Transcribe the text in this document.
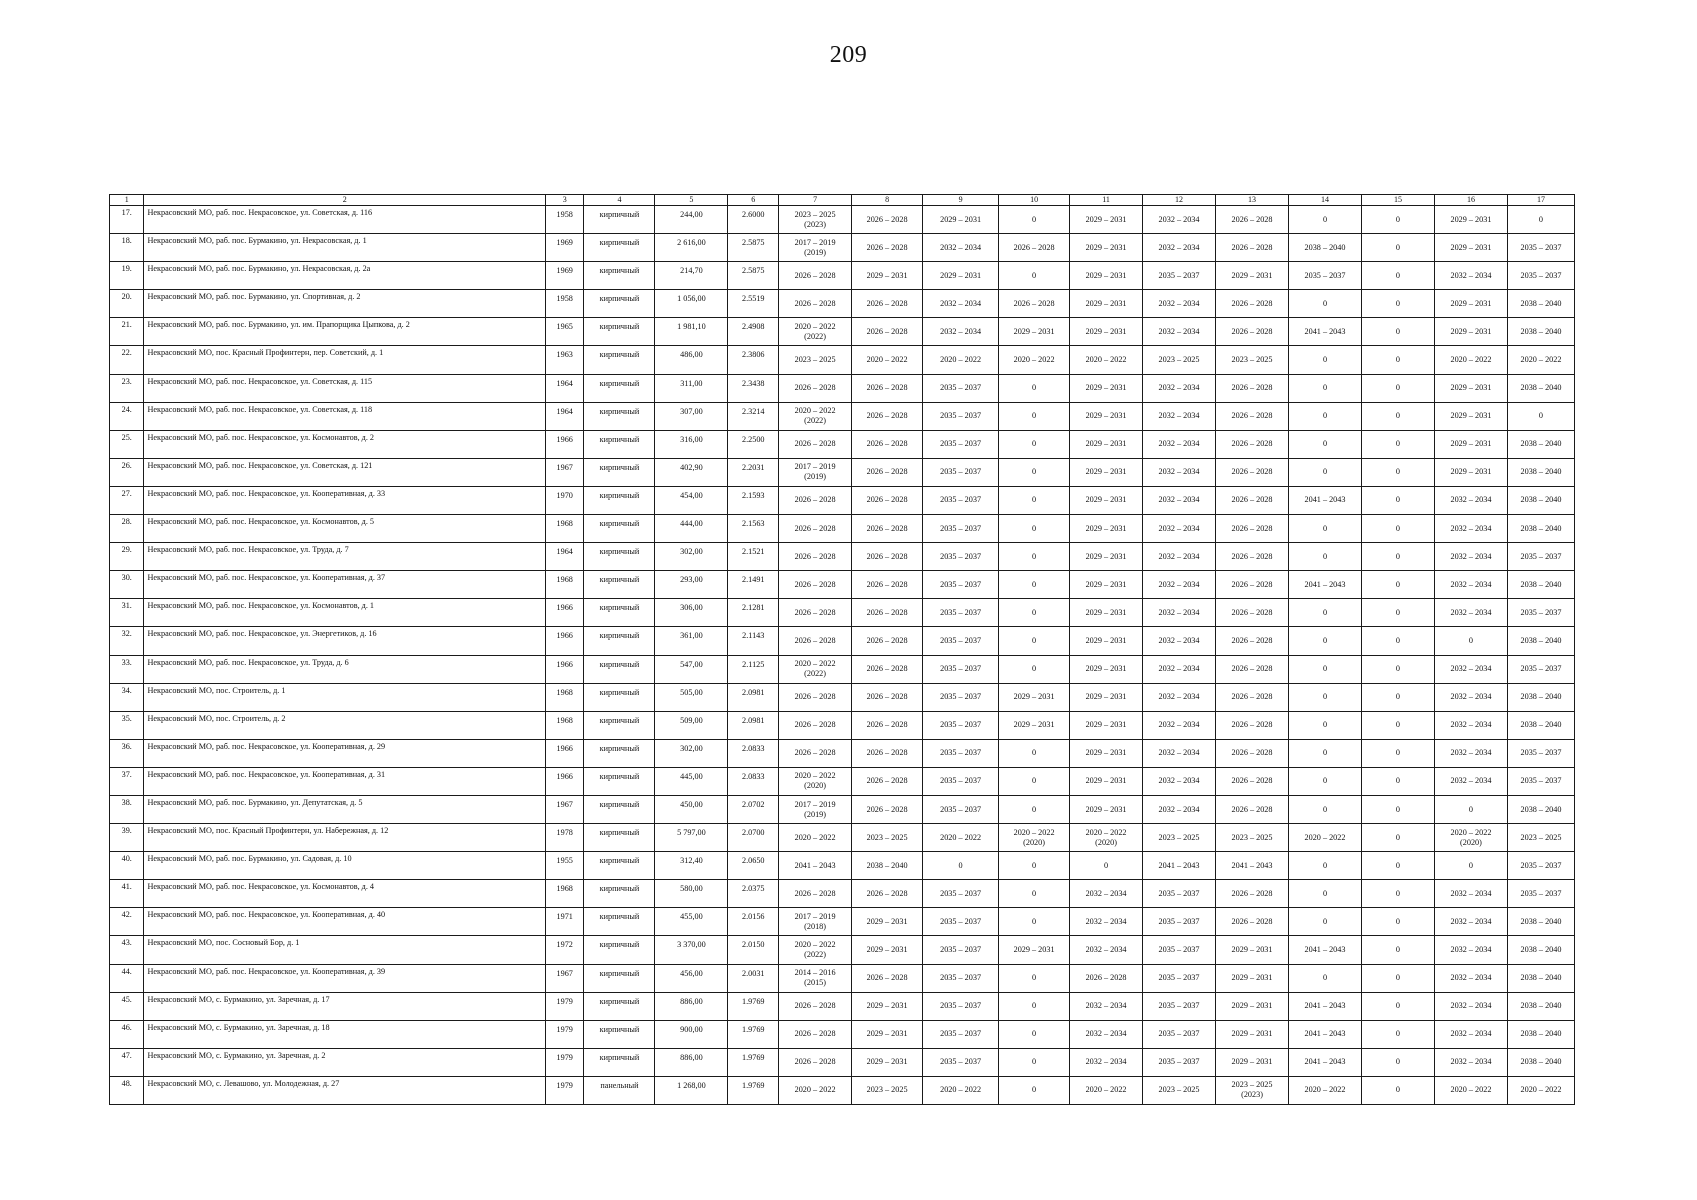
209
1	2	3	4	5	6	7	8	9	10	11	12	13	14	15	16	17

17.	Некрасовский МО, раб. пос. Некрасовское, ул. Советская, д. 116	1958	кирпичный	244,00	2.6000	2023 – 2025
(2023)	2026 – 2028	2029 – 2031	0	2029 – 2031	2032 – 2034	2026 – 2028	0	0	2029 – 2031	0

18.	Некрасовский МО, раб. пос. Бурмакино, ул. Некрасовская, д. 1	1969	кирпичный	2 616,00	2.5875	2017 – 2019
(2019)	2026 – 2028	2032 – 2034	2026 – 2028	2029 – 2031	2032 – 2034	2026 – 2028	2038 – 2040	0	2029 – 2031	2035 – 2037

19.	Некрасовский МО, раб. пос. Бурмакино, ул. Некрасовская, д. 2а	1969	кирпичный	214,70	2.5875	2026 – 2028	2029 – 2031	2029 – 2031	0	2029 – 2031	2035 – 2037	2029 – 2031	2035 – 2037	0	2032 – 2034	2035 – 2037

20.	Некрасовский МО, раб. пос. Бурмакино, ул. Спортивная, д. 2	1958	кирпичный	1 056,00	2.5519	2026 – 2028	2026 – 2028	2032 – 2034	2026 – 2028	2029 – 2031	2032 – 2034	2026 – 2028	0	0	2029 – 2031	2038 – 2040

21.	Некрасовский МО, раб. пос. Бурмакино, ул. им. Прапорщика Цыпкова, д. 2	1965	кирпичный	1 981,10	2.4908	2020 – 2022
(2022)	2026 – 2028	2032 – 2034	2029 – 2031	2029 – 2031	2032 – 2034	2026 – 2028	2041 – 2043	0	2029 – 2031	2038 – 2040

22.	Некрасовский МО, пос. Красный Профинтерн, пер. Советский, д. 1	1963	кирпичный	486,00	2.3806	2023 – 2025	2020 – 2022	2020 – 2022	2020 – 2022	2020 – 2022	2023 – 2025	2023 – 2025	0	0	2020 – 2022	2020 – 2022

23.	Некрасовский МО, раб. пос. Некрасовское, ул. Советская, д. 115	1964	кирпичный	311,00	2.3438	2026 – 2028	2026 – 2028	2035 – 2037	0	2029 – 2031	2032 – 2034	2026 – 2028	0	0	2029 – 2031	2038 – 2040

24.	Некрасовский МО, раб. пос. Некрасовское, ул. Советская, д. 118	1964	кирпичный	307,00	2.3214	2020 – 2022
(2022)	2026 – 2028	2035 – 2037	0	2029 – 2031	2032 – 2034	2026 – 2028	0	0	2029 – 2031	0

25.	Некрасовский МО, раб. пос. Некрасовское, ул. Космонавтов, д. 2	1966	кирпичный	316,00	2.2500	2026 – 2028	2026 – 2028	2035 – 2037	0	2029 – 2031	2032 – 2034	2026 – 2028	0	0	2029 – 2031	2038 – 2040

26.	Некрасовский МО, раб. пос. Некрасовское, ул. Советская, д. 121	1967	кирпичный	402,90	2.2031	2017 – 2019
(2019)	2026 – 2028	2035 – 2037	0	2029 – 2031	2032 – 2034	2026 – 2028	0	0	2029 – 2031	2038 – 2040

27.	Некрасовский МО, раб. пос. Некрасовское, ул. Кооперативная, д. 33	1970	кирпичный	454,00	2.1593	2026 – 2028	2026 – 2028	2035 – 2037	0	2029 – 2031	2032 – 2034	2026 – 2028	2041 – 2043	0	2032 – 2034	2038 – 2040

28.	Некрасовский МО, раб. пос. Некрасовское, ул. Космонавтов, д. 5	1968	кирпичный	444,00	2.1563	2026 – 2028	2026 – 2028	2035 – 2037	0	2029 – 2031	2032 – 2034	2026 – 2028	0	0	2032 – 2034	2038 – 2040

29.	Некрасовский МО, раб. пос. Некрасовское, ул. Труда, д. 7	1964	кирпичный	302,00	2.1521	2026 – 2028	2026 – 2028	2035 – 2037	0	2029 – 2031	2032 – 2034	2026 – 2028	0	0	2032 – 2034	2035 – 2037

30.	Некрасовский МО, раб. пос. Некрасовское, ул. Кооперативная, д. 37	1968	кирпичный	293,00	2.1491	2026 – 2028	2026 – 2028	2035 – 2037	0	2029 – 2031	2032 – 2034	2026 – 2028	2041 – 2043	0	2032 – 2034	2038 – 2040

31.	Некрасовский МО, раб. пос. Некрасовское, ул. Космонавтов, д. 1	1966	кирпичный	306,00	2.1281	2026 – 2028	2026 – 2028	2035 – 2037	0	2029 – 2031	2032 – 2034	2026 – 2028	0	0	2032 – 2034	2035 – 2037

32.	Некрасовский МО, раб. пос. Некрасовское, ул. Энергетиков, д. 16	1966	кирпичный	361,00	2.1143	2026 – 2028	2026 – 2028	2035 – 2037	0	2029 – 2031	2032 – 2034	2026 – 2028	0	0	0	2038 – 2040

33.	Некрасовский МО, раб. пос. Некрасовское, ул. Труда, д. 6	1966	кирпичный	547,00	2.1125	2020 – 2022
(2022)	2026 – 2028	2035 – 2037	0	2029 – 2031	2032 – 2034	2026 – 2028	0	0	2032 – 2034	2035 – 2037

34.	Некрасовский МО, пос. Строитель, д. 1	1968	кирпичный	505,00	2.0981	2026 – 2028	2026 – 2028	2035 – 2037	2029 – 2031	2029 – 2031	2032 – 2034	2026 – 2028	0	0	2032 – 2034	2038 – 2040

35.	Некрасовский МО, пос. Строитель, д. 2	1968	кирпичный	509,00	2.0981	2026 – 2028	2026 – 2028	2035 – 2037	2029 – 2031	2029 – 2031	2032 – 2034	2026 – 2028	0	0	2032 – 2034	2038 – 2040

36.	Некрасовский МО, раб. пос. Некрасовское, ул. Кооперативная, д. 29	1966	кирпичный	302,00	2.0833	2026 – 2028	2026 – 2028	2035 – 2037	0	2029 – 2031	2032 – 2034	2026 – 2028	0	0	2032 – 2034	2035 – 2037

37.	Некрасовский МО, раб. пос. Некрасовское, ул. Кооперативная, д. 31	1966	кирпичный	445,00	2.0833	2020 – 2022
(2020)	2026 – 2028	2035 – 2037	0	2029 – 2031	2032 – 2034	2026 – 2028	0	0	2032 – 2034	2035 – 2037

38.	Некрасовский МО, раб. пос. Бурмакино, ул. Депутатская, д. 5	1967	кирпичный	450,00	2.0702	2017 – 2019
(2019)	2026 – 2028	2035 – 2037	0	2029 – 2031	2032 – 2034	2026 – 2028	0	0	0	2038 – 2040

39.	Некрасовский МО, пос. Красный Профинтерн, ул. Набережная, д. 12	1978	кирпичный	5 797,00	2.0700	2020 – 2022	2023 – 2025	2020 – 2022	2020 – 2022
(2020)	2020 – 2022
(2020)	2023 – 2025	2023 – 2025	2020 – 2022	0	2020 – 2022
(2020)	2023 – 2025

40.	Некрасовский МО, раб. пос. Бурмакино, ул. Садовая, д. 10	1955	кирпичный	312,40	2.0650	2041 – 2043	2038 – 2040	0	0	0	2041 – 2043	2041 – 2043	0	0	0	2035 – 2037

41.	Некрасовский МО, раб. пос. Некрасовское, ул. Космонавтов, д. 4	1968	кирпичный	580,00	2.0375	2026 – 2028	2026 – 2028	2035 – 2037	0	2032 – 2034	2035 – 2037	2026 – 2028	0	0	2032 – 2034	2035 – 2037

42.	Некрасовский МО, раб. пос. Некрасовское, ул. Кооперативная, д. 40	1971	кирпичный	455,00	2.0156	2017 – 2019
(2018)	2029 – 2031	2035 – 2037	0	2032 – 2034	2035 – 2037	2026 – 2028	0	0	2032 – 2034	2038 – 2040

43.	Некрасовский МО, пос. Сосновый Бор, д. 1	1972	кирпичный	3 370,00	2.0150	2020 – 2022
(2022)	2029 – 2031	2035 – 2037	2029 – 2031	2032 – 2034	2035 – 2037	2029 – 2031	2041 – 2043	0	2032 – 2034	2038 – 2040

44.	Некрасовский МО, раб. пос. Некрасовское, ул. Кооперативная, д. 39	1967	кирпичный	456,00	2.0031	2014 – 2016
(2015)	2026 – 2028	2035 – 2037	0	2026 – 2028	2035 – 2037	2029 – 2031	0	0	2032 – 2034	2038 – 2040

45.	Некрасовский МО, с. Бурмакино, ул. Заречная, д. 17	1979	кирпичный	886,00	1.9769	2026 – 2028	2029 – 2031	2035 – 2037	0	2032 – 2034	2035 – 2037	2029 – 2031	2041 – 2043	0	2032 – 2034	2038 – 2040

46.	Некрасовский МО, с. Бурмакино, ул. Заречная, д. 18	1979	кирпичный	900,00	1.9769	2026 – 2028	2029 – 2031	2035 – 2037	0	2032 – 2034	2035 – 2037	2029 – 2031	2041 – 2043	0	2032 – 2034	2038 – 2040

47.	Некрасовский МО, с. Бурмакино, ул. Заречная, д. 2	1979	кирпичный	886,00	1.9769	2026 – 2028	2029 – 2031	2035 – 2037	0	2032 – 2034	2035 – 2037	2029 – 2031	2041 – 2043	0	2032 – 2034	2038 – 2040

48.	Некрасовский МО, с. Левашово, ул. Молодежная, д. 27	1979	панельный	1 268,00	1.9769	2020 – 2022	2023 – 2025	2020 – 2022	0	2020 – 2022	2023 – 2025	2023 – 2025
(2023)	2020 – 2022	0	2020 – 2022	2020 – 2022
